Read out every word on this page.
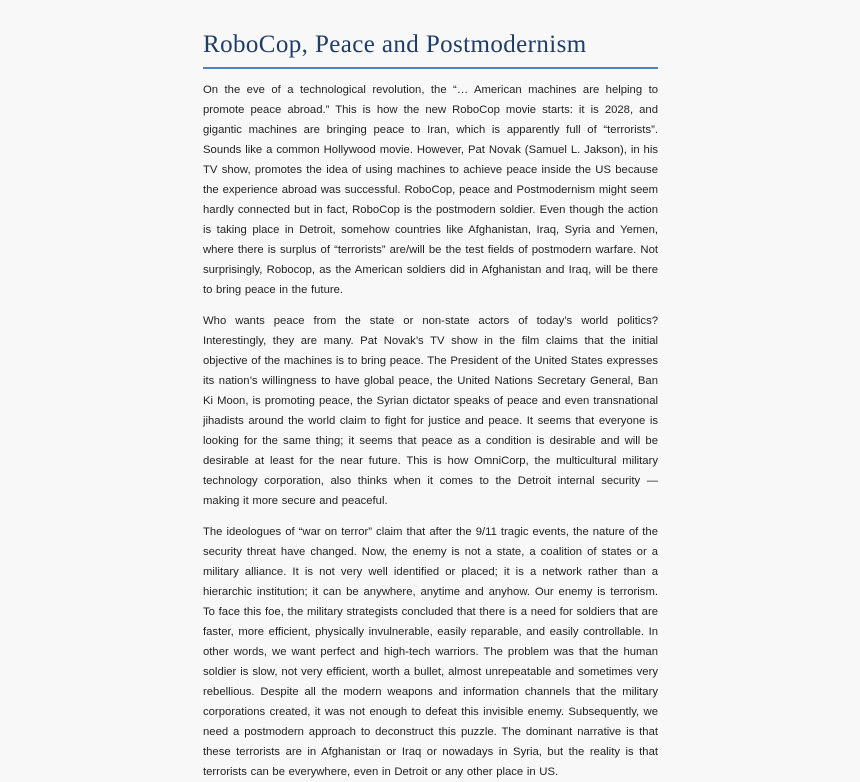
RoboCop, Peace and Postmodernism

On the eve of a technological revolution, the “… American machines are helping to promote peace abroad.” This is how the new RoboCop movie starts: it is 2028, and gigantic machines are bringing peace to Iran, which is apparently full of “terrorists”. Sounds like a common Hollywood movie. However, Pat Novak (Samuel L. Jakson), in his TV show, promotes the idea of using machines to achieve peace inside the US because the experience abroad was successful. RoboCop, peace and Postmodernism might seem hardly connected but in fact, RoboCop is the postmodern soldier. Even though the action is taking place in Detroit, somehow countries like Afghanistan, Iraq, Syria and Yemen, where there is surplus of “terrorists” are/will be the test fields of postmodern warfare. Not surprisingly, Robocop, as the American soldiers did in Afghanistan and Iraq, will be there to bring peace in the future.

Who wants peace from the state or non-state actors of today’s world politics? Interestingly, they are many. Pat Novak’s TV show in the film claims that the initial objective of the machines is to bring peace. The President of the United States expresses its nation’s willingness to have global peace, the United Nations Secretary General, Ban Ki Moon, is promoting peace, the Syrian dictator speaks of peace and even transnational jihadists around the world claim to fight for justice and peace. It seems that everyone is looking for the same thing; it seems that peace as a condition is desirable and will be desirable at least for the near future. This is how OmniCorp, the multicultural military technology corporation, also thinks when it comes to the Detroit internal security — making it more secure and peaceful.

The ideologues of “war on terror” claim that after the 9/11 tragic events, the nature of the security threat have changed. Now, the enemy is not a state, a coalition of states or a military alliance. It is not very well identified or placed; it is a network rather than a hierarchic institution; it can be anywhere, anytime and anyhow. Our enemy is terrorism. To face this foe, the military strategists concluded that there is a need for soldiers that are faster, more efficient, physically invulnerable, easily reparable, and easily controllable. In other words, we want perfect and high-tech warriors. The problem was that the human soldier is slow, not very efficient, worth a bullet, almost unrepeatable and sometimes very rebellious. Despite all the modern weapons and information channels that the military corporations created, it was not enough to defeat this invisible enemy. Subsequently, we need a postmodern approach to deconstruct this puzzle. The dominant narrative is that these terrorists are in Afghanistan or Iraq or nowadays in Syria, but the reality is that terrorists can be everywhere, even in Detroit or any other place in US.
